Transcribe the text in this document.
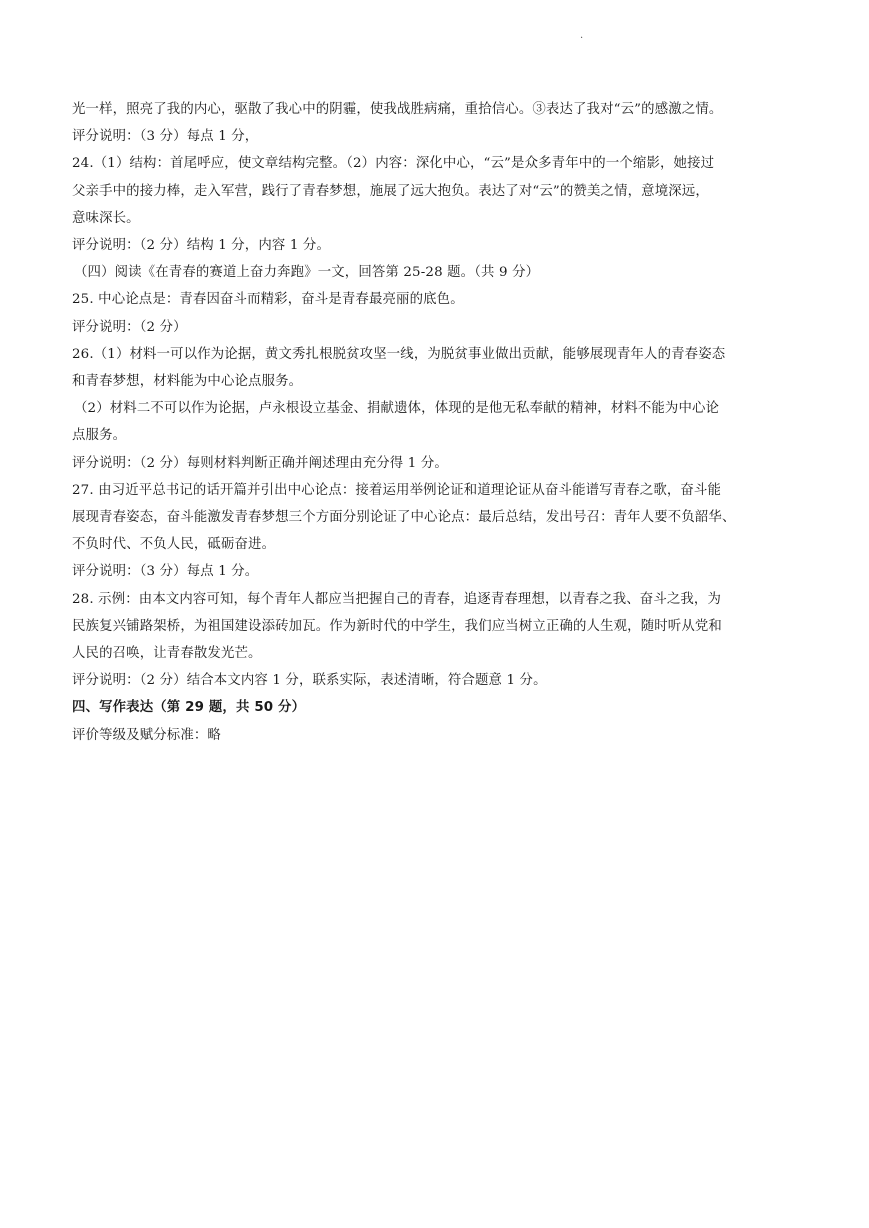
.

光一样，照亮了我的内心，驱散了我心中的阴霾，使我战胜病痛，重拾信心。③表达了我对“云”的感激之情。

评分说明：（3 分）每点 1 分，

24.（1）结构：首尾呼应，使文章结构完整。（2）内容：深化中心，“云”是众多青年中的一个缩影，她接过

父亲手中的接力棒，走入军营，践行了青春梦想，施展了远大抱负。表达了对“云”的赞美之情，意境深远，

意味深长。

评分说明：（2 分）结构 1 分，内容 1 分。

（四）阅读《在青春的赛道上奋力奔跑》一文，回答第 25-28 题。（共 9 分）

25. 中心论点是：青春因奋斗而精彩，奋斗是青春最亮丽的底色。

评分说明：（2 分）

26.（1）材料一可以作为论据，黄文秀扎根脱贫攻坚一线，为脱贫事业做出贡献，能够展现青年人的青春姿态

和青春梦想，材料能为中心论点服务。

（2）材料二不可以作为论据，卢永根设立基金、捐献遗体，体现的是他无私奉献的精神，材料不能为中心论

点服务。

评分说明：（2 分）每则材料判断正确并阐述理由充分得 1 分。

27. 由习近平总书记的话开篇并引出中心论点：接着运用举例论证和道理论证从奋斗能谱写青春之歌，奋斗能

展现青春姿态，奋斗能激发青春梦想三个方面分别论证了中心论点：最后总结，发出号召：青年人要不负韶华、

不负时代、不负人民，砥砺奋进。

评分说明：（3 分）每点 1 分。

28. 示例：由本文内容可知，每个青年人都应当把握自己的青春，追逐青春理想，以青春之我、奋斗之我，为

民族复兴铺路架桥，为祖国建设添砖加瓦。作为新时代的中学生，我们应当树立正确的人生观，随时听从党和

人民的召唤，让青春散发光芒。

评分说明：（2 分）结合本文内容 1 分，联系实际，表述清晰，符合题意 1 分。

四、写作表达（第 29 题，共 50 分）

评价等级及赋分标准：略
